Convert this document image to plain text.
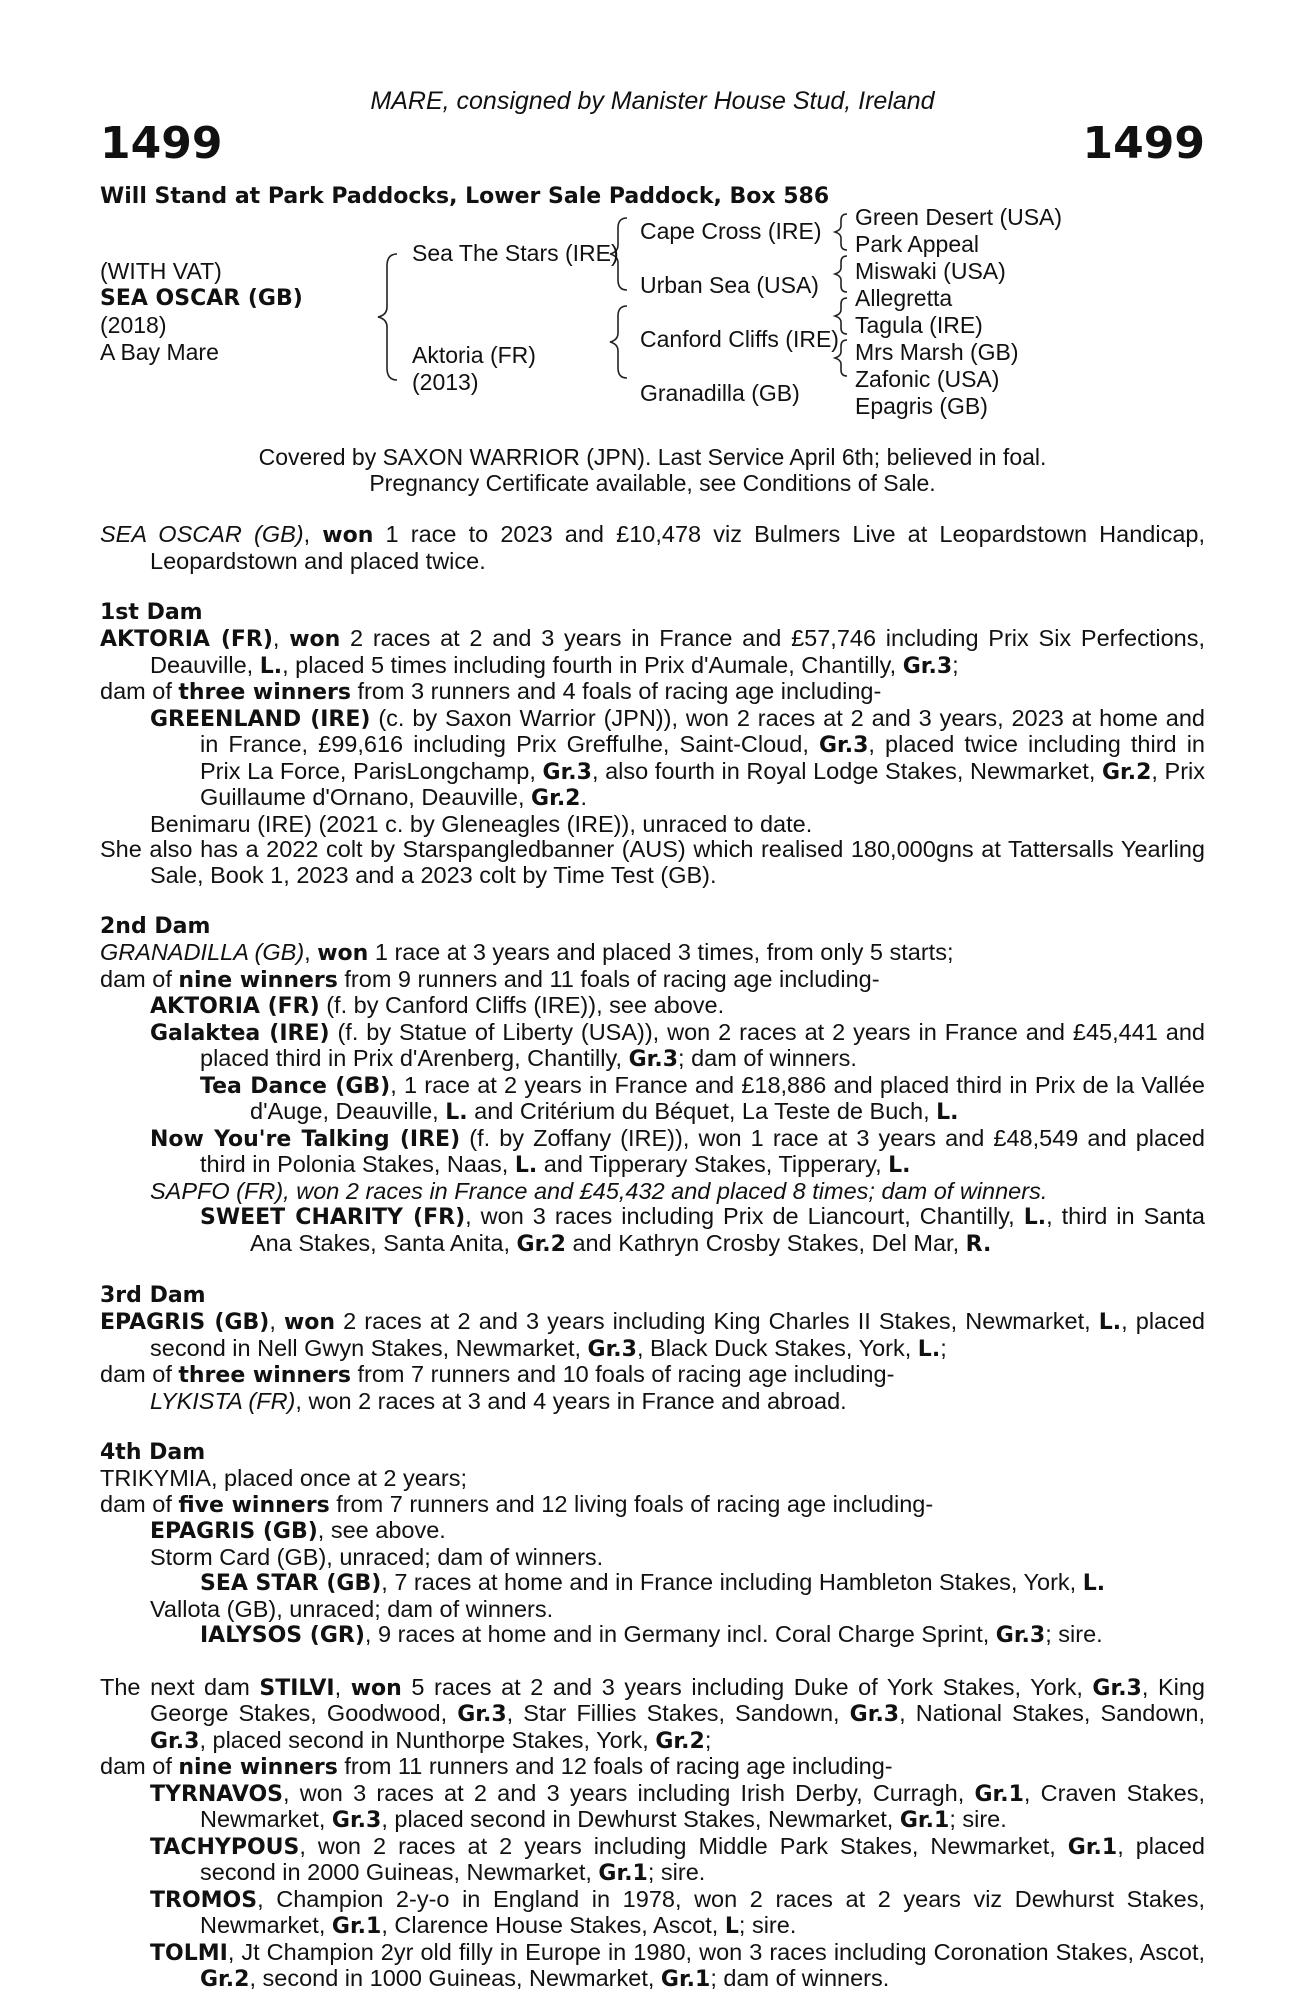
MARE, consigned by Manister House Stud, Ireland
1499	1499
Will Stand at Park Paddocks, Lower Sale Paddock, Box 586
(WITH VAT)
SEA OSCAR (GB)
(2018)
A Bay Mare
Sea The Stars (IRE)
Aktoria (FR)
(2013)
Cape Cross (IRE)
Urban Sea (USA)
Canford Cliffs (IRE)
Granadilla (GB)
Green Desert (USA)
Park Appeal
Miswaki (USA)
Allegretta
Tagula (IRE)
Mrs Marsh (GB)
Zafonic (USA)
Epagris (GB)
Covered by SAXON WARRIOR (JPN). Last Service April 6th; believed in foal.
Pregnancy Certificate available, see Conditions of Sale.
SEA OSCAR (GB), won 1 race to 2023 and £10,478 viz Bulmers Live at Leopardstown Handicap, Leopardstown and placed twice.
1st Dam
AKTORIA (FR), won 2 races at 2 and 3 years in France and £57,746 including Prix Six Perfections, Deauville, L., placed 5 times including fourth in Prix d'Aumale, Chantilly, Gr.3;
dam of three winners from 3 runners and 4 foals of racing age including-
GREENLAND (IRE) (c. by Saxon Warrior (JPN)), won 2 races at 2 and 3 years, 2023 at home and in France, £99,616 including Prix Greffulhe, Saint-Cloud, Gr.3, placed twice including third in Prix La Force, ParisLongchamp, Gr.3, also fourth in Royal Lodge Stakes, Newmarket, Gr.2, Prix Guillaume d'Ornano, Deauville, Gr.2.
Benimaru (IRE) (2021 c. by Gleneagles (IRE)), unraced to date.
She also has a 2022 colt by Starspangledbanner (AUS) which realised 180,000gns at Tattersalls Yearling Sale, Book 1, 2023 and a 2023 colt by Time Test (GB).
2nd Dam
GRANADILLA (GB), won 1 race at 3 years and placed 3 times, from only 5 starts;
dam of nine winners from 9 runners and 11 foals of racing age including-
AKTORIA (FR) (f. by Canford Cliffs (IRE)), see above.
Galaktea (IRE) (f. by Statue of Liberty (USA)), won 2 races at 2 years in France and £45,441 and placed third in Prix d'Arenberg, Chantilly, Gr.3; dam of winners.
Tea Dance (GB), 1 race at 2 years in France and £18,886 and placed third in Prix de la Vallée d'Auge, Deauville, L. and Critérium du Béquet, La Teste de Buch, L.
Now You're Talking (IRE) (f. by Zoffany (IRE)), won 1 race at 3 years and £48,549 and placed third in Polonia Stakes, Naas, L. and Tipperary Stakes, Tipperary, L.
SAPFO (FR), won 2 races in France and £45,432 and placed 8 times; dam of winners.
SWEET CHARITY (FR), won 3 races including Prix de Liancourt, Chantilly, L., third in Santa Ana Stakes, Santa Anita, Gr.2 and Kathryn Crosby Stakes, Del Mar, R.
3rd Dam
EPAGRIS (GB), won 2 races at 2 and 3 years including King Charles II Stakes, Newmarket, L., placed second in Nell Gwyn Stakes, Newmarket, Gr.3, Black Duck Stakes, York, L.;
dam of three winners from 7 runners and 10 foals of racing age including-
LYKISTA (FR), won 2 races at 3 and 4 years in France and abroad.
4th Dam
TRIKYMIA, placed once at 2 years;
dam of five winners from 7 runners and 12 living foals of racing age including-
EPAGRIS (GB), see above.
Storm Card (GB), unraced; dam of winners.
SEA STAR (GB), 7 races at home and in France including Hambleton Stakes, York, L.
Vallota (GB), unraced; dam of winners.
IALYSOS (GR), 9 races at home and in Germany incl. Coral Charge Sprint, Gr.3; sire.
The next dam STILVI, won 5 races at 2 and 3 years including Duke of York Stakes, York, Gr.3, King George Stakes, Goodwood, Gr.3, Star Fillies Stakes, Sandown, Gr.3, National Stakes, Sandown, Gr.3, placed second in Nunthorpe Stakes, York, Gr.2;
dam of nine winners from 11 runners and 12 foals of racing age including-
TYRNAVOS, won 3 races at 2 and 3 years including Irish Derby, Curragh, Gr.1, Craven Stakes, Newmarket, Gr.3, placed second in Dewhurst Stakes, Newmarket, Gr.1; sire.
TACHYPOUS, won 2 races at 2 years including Middle Park Stakes, Newmarket, Gr.1, placed second in 2000 Guineas, Newmarket, Gr.1; sire.
TROMOS, Champion 2-y-o in England in 1978, won 2 races at 2 years viz Dewhurst Stakes, Newmarket, Gr.1, Clarence House Stakes, Ascot, L; sire.
TOLMI, Jt Champion 2yr old filly in Europe in 1980, won 3 races including Coronation Stakes, Ascot, Gr.2, second in 1000 Guineas, Newmarket, Gr.1; dam of winners.
